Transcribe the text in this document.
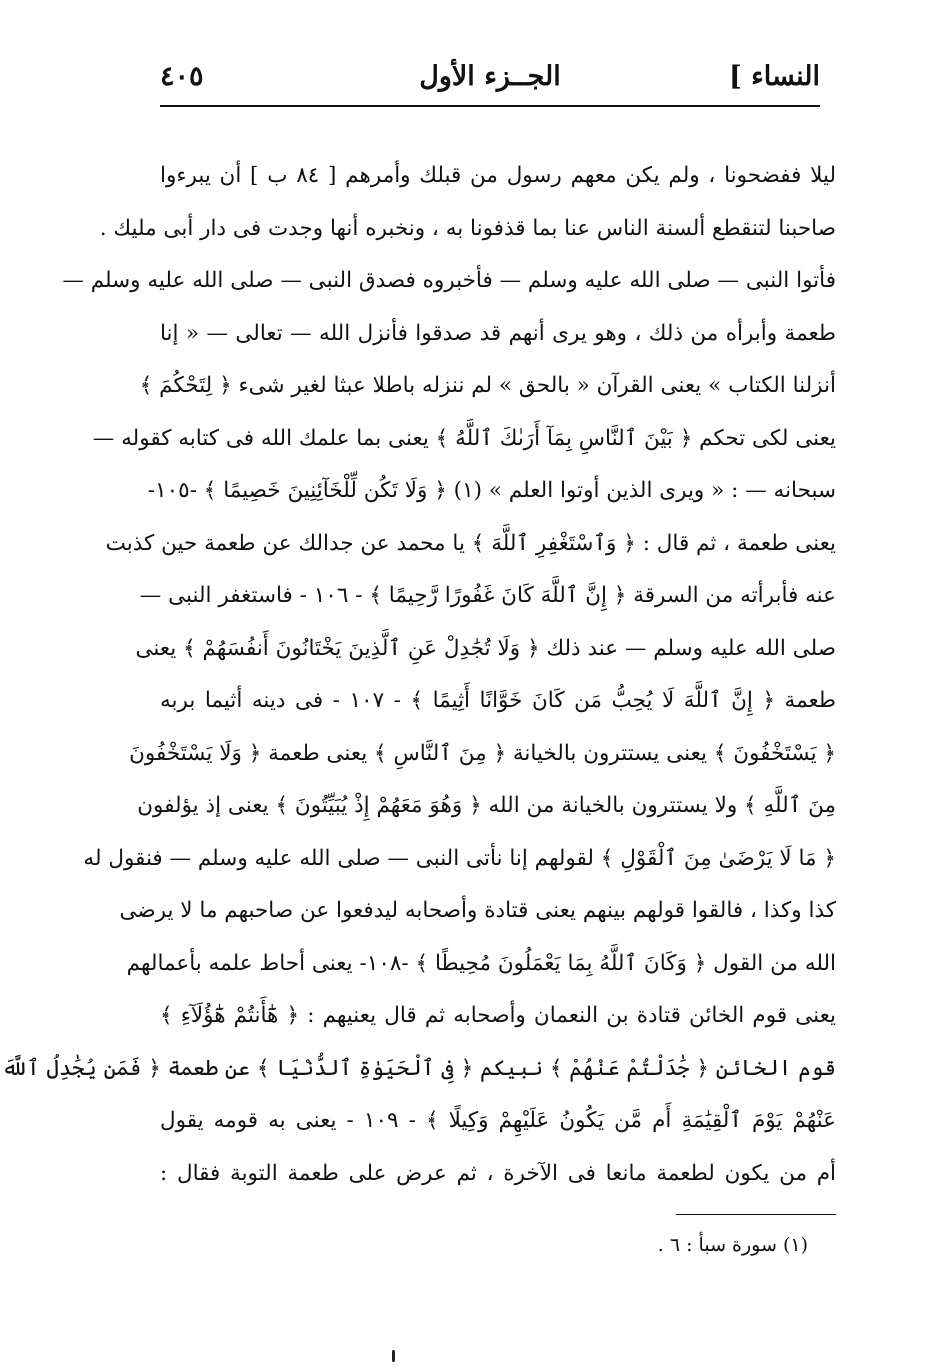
النساء ]
الجــزء الأول
٤٠٥
ليلا ففضحونا ، ولم يكن معهم رسول من قبلك وأمرهم [ ٨٤ ب ] أن يبرءوا
صاحبنا لتنقطع ألسنة الناس عنا بما قذفونا به ، ونخبره أنها وجدت فى دار أبى مليك .
فأتوا النبى — صلى الله عليه وسلم — فأخبروه فصدق النبى — صلى الله عليه وسلم —
طعمة وأبرأه من ذلك ، وهو يرى أنهم قد صدقوا فأنزل الله — تعالى — « إنا
أنزلنا الكتاب » يعنى القرآن « بالحق » لم ننزله باطلا عبثا لغير شىء ﴿ لِتَحْكُمَ ﴾
يعنى لكى تحكم ﴿ بَيْنَ ٱلنَّاسِ بِمَآ أَرَىٰكَ ٱللَّهُ ﴾ يعنى بما علمك الله فى كتابه كقوله —
سبحانه — : « ويرى الذين أوتوا العلم » (١) ﴿ وَلَا تَكُن لِّلْخَآئِنِينَ خَصِيمًا ﴾ -١٠٥-
يعنى طعمة ، ثم قال : ﴿ وَٱسْتَغْفِرِ ٱللَّهَ ﴾ يا محمد عن جدالك عن طعمة حين كذبت
عنه فأبرأته من السرقة ﴿ إِنَّ ٱللَّهَ كَانَ غَفُورًا رَّحِيمًا ﴾ - ١٠٦ - فاستغفر النبى —
صلى الله عليه وسلم — عند ذلك ﴿ وَلَا تُجَٰدِلْ عَنِ ٱلَّذِينَ يَخْتَانُونَ أَنفُسَهُمْ ﴾ يعنى
طعمة ﴿ إِنَّ ٱللَّهَ لَا يُحِبُّ مَن كَانَ خَوَّانًا أَثِيمًا ﴾ - ١٠٧ - فى دينه أثيما بربه
﴿ يَسْتَخْفُونَ ﴾ يعنى يستترون بالخيانة ﴿ مِنَ ٱلنَّاسِ ﴾ يعنى طعمة ﴿ وَلَا يَسْتَخْفُونَ
مِنَ ٱللَّهِ ﴾ ولا يستترون بالخيانة من الله ﴿ وَهُوَ مَعَهُمْ إِذْ يُبَيِّتُونَ ﴾ يعنى إذ يؤلفون
﴿ مَا لَا يَرْضَىٰ مِنَ ٱلْقَوْلِ ﴾ لقولهم إنا نأتى النبى — صلى الله عليه وسلم — فنقول له
كذا وكذا ، فالقوا قولهم بينهم يعنى قتادة وأصحابه ليدفعوا عن صاحبهم ما لا يرضى
الله من القول ﴿ وَكَانَ ٱللَّهُ بِمَا يَعْمَلُونَ مُحِيطًا ﴾ -١٠٨- يعنى أحاط علمه بأعمالهم
يعنى قوم الخائن قتادة بن النعمان وأصحابه ثم قال يعنيهم : ﴿ هَٰٓأَنتُمْ هَٰٓؤُلَآءِ ﴾
قوم الخائن ﴿ جَٰدَلْتُمْ عَنْهُمْ ﴾ نبيكم ﴿ فِى ٱلْحَيَوٰةِ ٱلدُّنْيَا ﴾ عن طعمة ﴿ فَمَن يُجَٰدِلُ ٱللَّهَ
عَنْهُمْ يَوْمَ ٱلْقِيَٰمَةِ أَم مَّن يَكُونُ عَلَيْهِمْ وَكِيلًا ﴾ - ١٠٩ - يعنى به قومه يقول
أم من يكون لطعمة مانعا فى الآخرة ، ثم عرض على طعمة التوبة فقال :
(١) سورة سبأ : ٦ .
